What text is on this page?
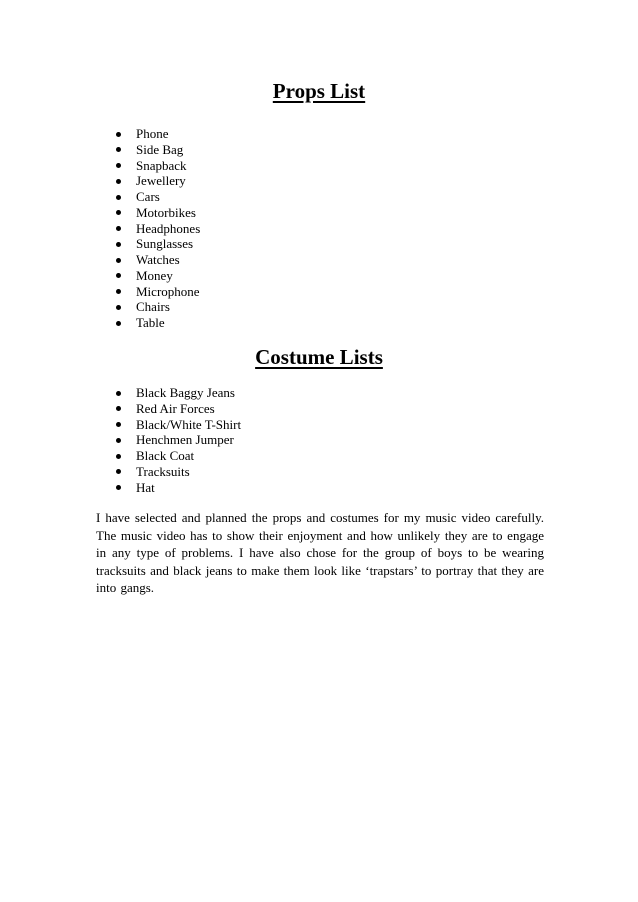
Props List
Phone
Side Bag
Snapback
Jewellery
Cars
Motorbikes
Headphones
Sunglasses
Watches
Money
Microphone
Chairs
Table
Costume Lists
Black Baggy Jeans
Red Air Forces
Black/White T-Shirt
Henchmen Jumper
Black Coat
Tracksuits
Hat

I have selected and planned the props and costumes for my music video carefully. The music video has to show their enjoyment and how unlikely they are to engage in any type of problems. I have also chose for the group of boys to be wearing tracksuits and black jeans to make them look like ‘trapstars’ to portray that they are into gangs.
